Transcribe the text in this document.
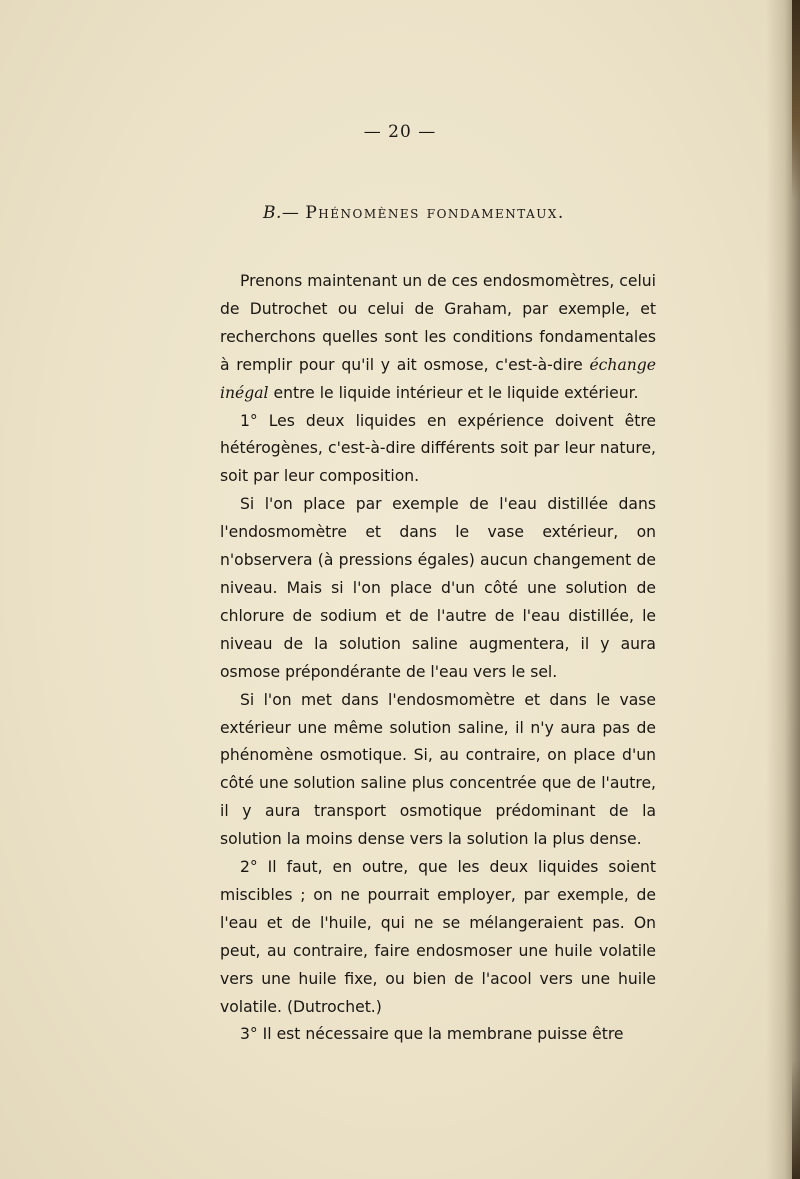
— 20 —
B.— Phénomènes fondamentaux.

Prenons maintenant un de ces endosmomètres, celui de Dutrochet ou celui de Graham, par exemple, et recherchons quelles sont les conditions fondamentales à remplir pour qu'il y ait osmose, c'est-à-dire échange inégal entre le liquide intérieur et le liquide extérieur.

1° Les deux liquides en expérience doivent être hétérogènes, c'est-à-dire différents soit par leur nature, soit par leur composition.

Si l'on place par exemple de l'eau distillée dans l'endosmomètre et dans le vase extérieur, on n'observera (à pressions égales) aucun changement de niveau. Mais si l'on place d'un côté une solution de chlorure de sodium et de l'autre de l'eau distillée, le niveau de la solution saline augmentera, il y aura osmose prépondérante de l'eau vers le sel.

Si l'on met dans l'endosmomètre et dans le vase extérieur une même solution saline, il n'y aura pas de phénomène osmotique. Si, au contraire, on place d'un côté une solution saline plus concentrée que de l'autre, il y aura transport osmotique prédominant de la solution la moins dense vers la solution la plus dense.

2° Il faut, en outre, que les deux liquides soient miscibles ; on ne pourrait employer, par exemple, de l'eau et de l'huile, qui ne se mélangeraient pas. On peut, au contraire, faire endosmoser une huile volatile vers une huile fixe, ou bien de l'acool vers une huile volatile. (Dutrochet.)

3° Il est nécessaire que la membrane puisse être
